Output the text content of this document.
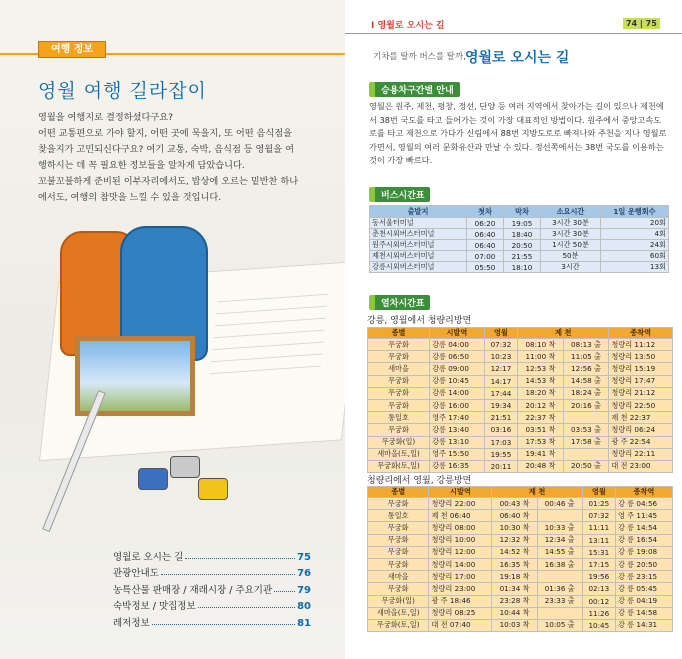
여행 정보
영월 여행 길라잡이

영월을 여행지로 결정하셨다구요?

어떤 교통편으로 가야 할지, 어떤 곳에 묵을지, 또 어떤 음식점을

찾을지가 고민되신다구요? 여기 교통, 숙박, 음식점 등 영월을 여

행하시는 데 꼭 필요한 정보들을 알차게 담았습니다.

꼬불꼬불하게 준비된 이부자리에서도, 밥상에 오르는 밑반찬 하나

에서도, 여행의 참맛을 느낄 수 있을 것입니다.

영월로 오시는 길	75
관광안내도	76
농특산물 판매장 / 재래시장 / 주요기관 79
숙박정보 / 맛집정보	80
레저정보	81
I 영월로 오시는 길	74 | 75
기차를 탈까 버스를 탈까, 영월로 오시는 길
승용차구간별 안내
영월은 원주, 제천, 평창, 정선, 단양 등 여러 지역에서 찾아가는 길이 있으나 제천에서 38번 국도를 타고 들어가는 것이 가장 대표적인 방법이다. 원주에서 중앙고속도로를 타고 제천으로 가다가 신림에서 88번 지방도로로 빠져나와 주천을 지나 영월로 가면서, 영월의 여러 문화유산과 만날 수 있다. 정선쪽에서는 38번 국도를 이용하는 것이 가장 빠르다.
버스시간표
출발지	첫차	막차	소요시간	1일 운행회수
동서울터미널	06:20	19:05	3시간 30분	20회
춘천시외버스터미널	06:40	18:40	3시간 30분	4회
원주시외버스터미널	06:40	20:50	1시간 50분	24회
제천시외버스터미널	07:00	21:55	50분	60회
강릉시외버스터미널	05:50	18:10	3시간	13회
열차시간표
강릉, 영월에서 청량리방면
종별	시발역	영월	제 천		종착역
무궁화	강릉 04:00	07:32	08:10 착	08:13 출	청량리 11:12
무궁화	강릉 06:50	10:23	11:00 착	11:05 출	청량리 13:50
새마을	강릉 09:00	12:17	12:53 착	12:56 출	청량리 15:19
무궁화	강릉 10:45	14:17	14:53 착	14:58 출	청량리 17:47
무궁화	강릉 14:00	17:44	18:20 착	18:24 출	청량리 21:12
무궁화	강릉 16:00	19:34	20:12 착	20:16 출	청량리 22:50
통일호	영주 17:40	21:51	22:37 착		제 천 22:37
무궁화	강릉 13:40	03:16	03:51 착	03:53 출	청량리 06:24
무궁화(일)	강릉 13:10	17:03	17:53 착	17:58 출	광 주 22:54
새마을(토,일)	영주 15:50	19:55	19:41 착		청량리 22:11
무궁화(토,일)	강릉 16:35	20:11	20:48 착	20:50 출	대 전 23:00
청량리에서 영월, 강릉방면
종별	시발역	제 천		영월	종착역
무궁화	청량리 22:00	00:43 착	00:46 출	01:25	강 릉 04:56
통일호	제 천 06:40	06:40 착		07:32	영 주 11:45
무궁화	청량리 08:00	10:30 착	10:33 출	11:11	강 릉 14:54
무궁화	청량리 10:00	12:32 착	12:34 출	13:11	강 릉 16:54
무궁화	청량리 12:00	14:52 착	14:55 출	15:31	강 릉 19:08
무궁화	청량리 14:00	16:35 착	16:38 출	17:15	강 릉 20:50
새마을	청량리 17:00	19:18 착		19:56	강 릉 23:15
무궁화	청량리 23:00	01:34 착	01:36 출	02:13	강 릉 05:45
무궁화(일)	광 주 18:46	23:28 착	23:33 출	00:12	강 릉 04:19
새마을(토,일)	청량리 08:25	10:44 착		11:26	강 릉 14:58
무궁화(토,일)	대 전 07:40	10:03 착	10:05 출	10:45	강 릉 14:31
